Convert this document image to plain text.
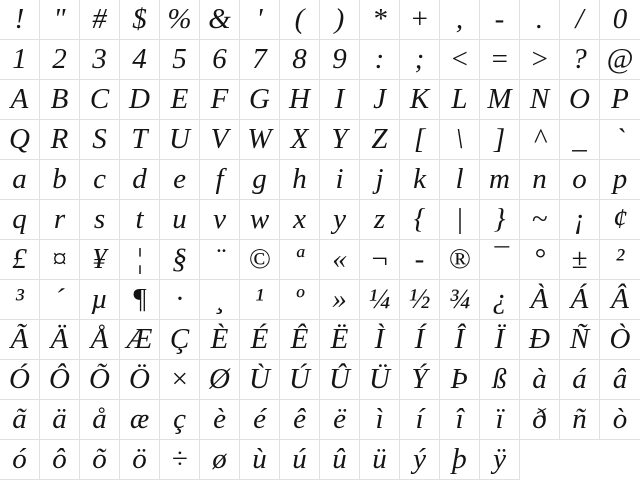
!	" # $ % & '	(	) * + ,	-	.	/	0
1 2 3 4 5 6 7 8 9 :	; < = > ? @
A B C D E F G H I J K L M N O P
Q R S T U V W X Y Z [	\	] ^ _ `
a b c d e	f g h i	j	k	l m n o p
q r s	t u v w x y z {	|	} ~ ¡ ¢
£ ¤ ¥ ¦ § ¨ © ª « ¬ - ® ¯ ° ± ²
³	´ µ ¶ ·	¸	¹	º » ¼ ½ ¾ ¿ À Á Â
Ã Ä Å Æ Ç È É Ê Ë Ì	Í	Î	Ï Ð Ñ Ò
Ó Ô Õ Ö × Ø Ù Ú Û Ü Ý Þ ß à á â
ã ä å æ ç è é ê ë	ì	í	î	ï ð ñ ò
ó ô õ ö ÷ ø ù ú û ü ý þ ÿ
